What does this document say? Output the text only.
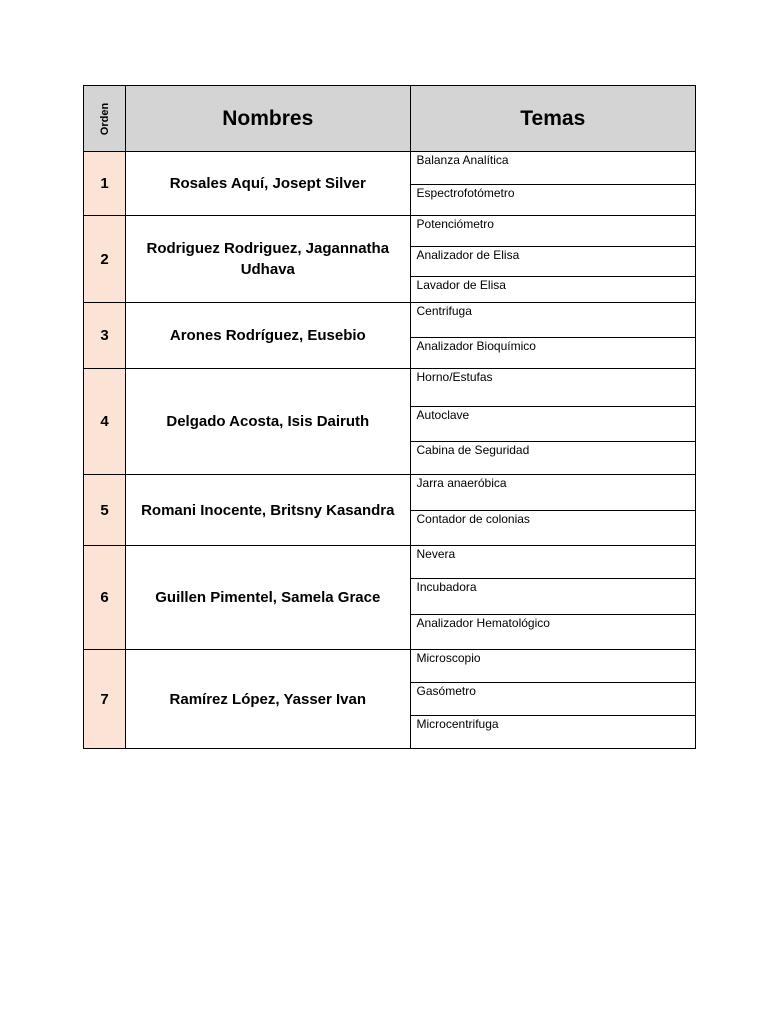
Orden	Nombres	Temas
1	Rosales Aquí, Josept Silver	Balanza Analítica
Espectrofotómetro

2	Rodriguez Rodriguez, Jagannatha Udhava	Potenciómetro
Analizador de Elisa
Lavador de Elisa

3	Arones Rodríguez, Eusebio	Centrifuga
Analizador Bioquímico

4	Delgado Acosta, Isis Dairuth	Horno/Estufas
Autoclave
Cabina de Seguridad

5	Romani Inocente, Britsny Kasandra	Jarra anaeróbica
Contador de colonias

6	Guillen Pimentel, Samela Grace	Nevera
Incubadora
Analizador Hematológico

7	Ramírez López, Yasser Ivan	Microscopio
Gasómetro
Microcentrifuga
